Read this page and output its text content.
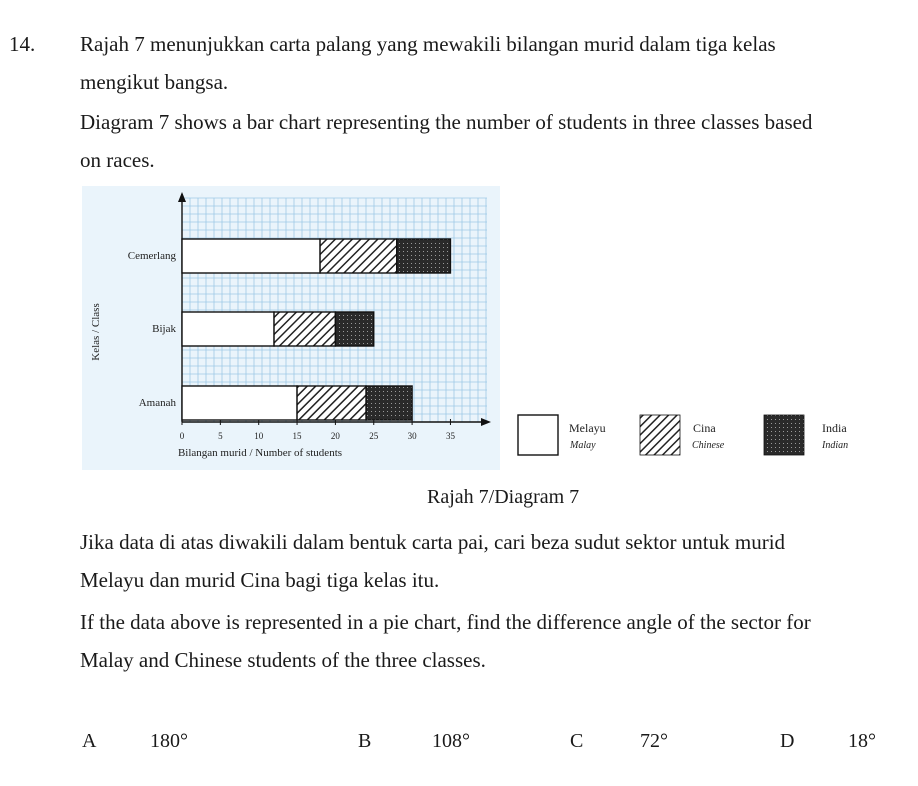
14. Rajah 7 menunjukkan carta palang yang mewakili bilangan murid dalam tiga kelas
mengikut bangsa.
Diagram 7 shows a bar chart representing the number of students in three classes based
on races.
0	5	10	15	20	25	30	35
Bilangan murid / Number of students
Kelas / Class
Cemerlang
Bijak
Amanah
Melayu
Malay
Cina
Chinese
India
Indian
Rajah 7/Diagram 7
Jika data di atas diwakili dalam bentuk carta pai, cari beza sudut sektor untuk murid
Melayu dan murid Cina bagi tiga kelas itu.
If the data above is represented in a pie chart, find the difference angle of the sector for
Malay and Chinese students of the three classes.
A	180°	B	108°	C	72°	D	18°
